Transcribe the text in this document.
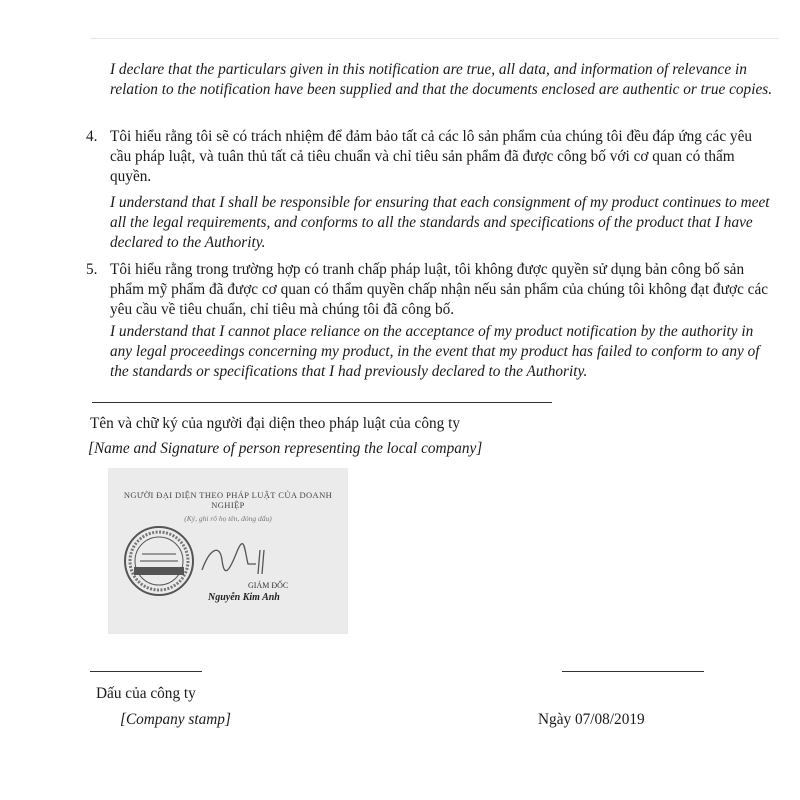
I declare that the particulars given in this notification are true, all data, and information of relevance in relation to the notification have been supplied and that the documents enclosed are authentic or true copies.
4. Tôi hiểu rằng tôi sẽ có trách nhiệm để đảm bảo tất cả các lô sản phẩm của chúng tôi đều đáp ứng các yêu cầu pháp luật, và tuân thủ tất cả tiêu chuẩn và chỉ tiêu sản phẩm đã được công bố với cơ quan có thẩm quyền.
I understand that I shall be responsible for ensuring that each consignment of my product continues to meet all the legal requirements, and conforms to all the standards and specifications of the product that I have declared to the Authority.
5. Tôi hiểu rằng trong trường hợp có tranh chấp pháp luật, tôi không được quyền sử dụng bản công bố sản phẩm mỹ phẩm đã được cơ quan có thẩm quyền chấp nhận nếu sản phẩm của chúng tôi không đạt được các yêu cầu về tiêu chuẩn, chỉ tiêu mà chúng tôi đã công bố.
I understand that I cannot place reliance on the acceptance of my product notification by the authority in any legal proceedings concerning my product, in the event that my product has failed to conform to any of the standards or specifications that I had previously declared to the Authority.
Tên và chữ ký của người đại diện theo pháp luật của công ty
[Name and Signature of person representing the local company]
NGƯỜI ĐẠI DIỆN THEO PHÁP LUẬT CỦA DOANH NGHIỆP
(Ký, ghi rõ họ tên, đóng dấu)
GIÁM ĐỐC
Nguyễn Kim Anh
Dấu của công ty
[Company stamp]	Ngày 07/08/2019
